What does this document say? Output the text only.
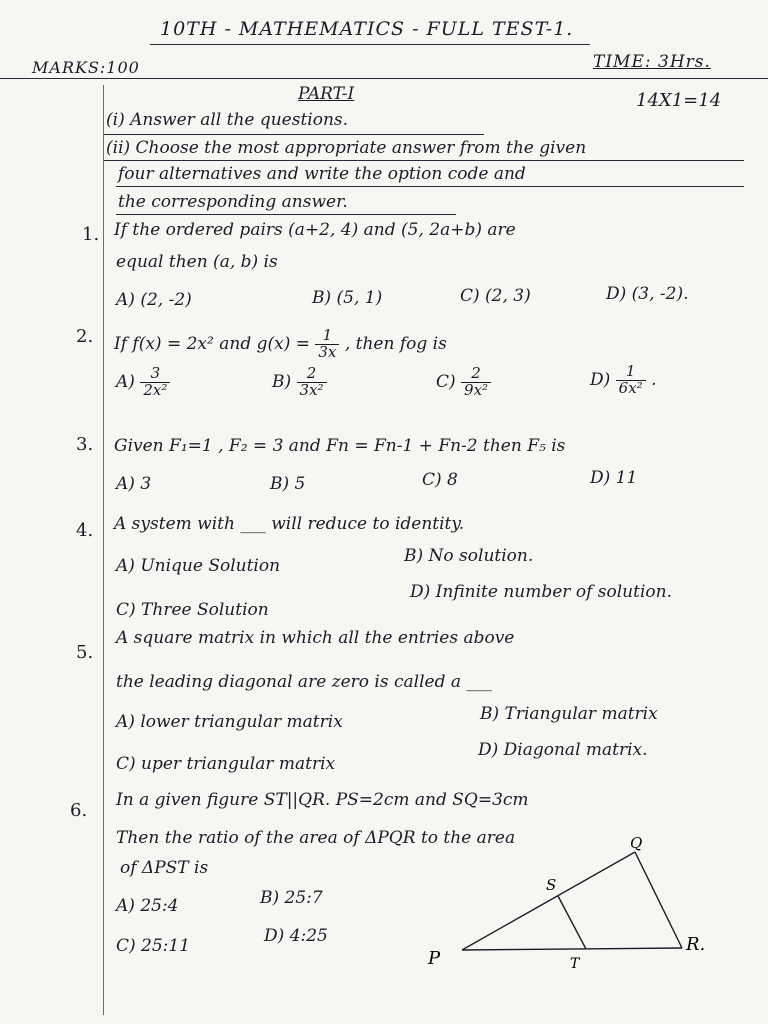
10TH - MATHEMATICS - FULL TEST-1.
MARKS:100	TIME: 3Hrs.
PART-I	14X1=14
(i) Answer all the questions.
(ii) Choose the most appropriate answer from the given
four alternatives and write the option code and
the corresponding answer.
1. If the ordered pairs (a+2, 4) and (5, 2a+b) are
equal then (a, b) is
A) (2, -2)	B) (5, 1)	C) (2, 3)	D) (3, -2).
2. If f(x) = 2x² and $g(x) = \frac{1}{3x}$ , then fog is
$A) \frac{3}{\text{2x²}}$	$B) \frac{2}{\text{3x²}}$	$C) \frac{2}{\text{9x²}}$	$D) \frac{1}{\text{6x²}}$ .
3. Given F₁=1 , F₂ = 3 and Fn = Fn-1 + Fn-2 then F₅ is
A) 3	B) 5	C) 8	D) 11
4. A system with ___ will reduce to identity.
A) Unique Solution	B) No solution.
C) Three Solution
D) Infinite number of solution.
5.
A square matrix in which all the entries above
the leading diagonal are zero is called a ___
A) lower triangular matrix	B) Triangular matrix
C) uper triangular matrix
D) Diagonal matrix.
6. In a given figure ST||QR. PS=2cm and SQ=3cm
Then the ratio of the area of ΔPQR to the area
of ΔPST is
A) 25:4	B) 25:7
C) 25:11	D) 4:25
P
Q
R.
S
T
